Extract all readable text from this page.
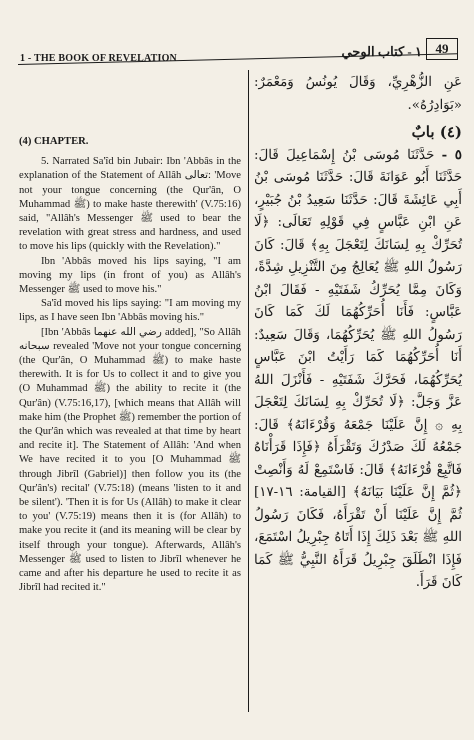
1 - THE BOOK OF REVELATION	١ - كتاب الوحي	49

عَنِ الزُّهْرِيِّ، وَقَالَ يُونُسُ وَمَعْمَرٌ: «بَوَادِرُهُ».

(٤) بابٌ

٥ - حَدَّثَنَا مُوسَى بْنُ إِسْمَاعِيلَ قَالَ: حَدَّثَنَا أَبُو عَوَانَةَ قَالَ: حَدَّثَنَا مُوسَى بْنُ أَبِي عَائِشَةَ قَالَ: حَدَّثَنَا سَعِيدُ بْنُ جُبَيْرٍ، عَنِ ابْنِ عَبَّاسٍ فِي قَوْلِهِ تَعَالَى: ﴿لَا تُحَرِّكْ بِهِ لِسَانَكَ لِتَعْجَلَ بِهِ﴾ قَالَ: كَانَ رَسُولُ اللهِ ﷺ يُعَالِجُ مِنَ التَّنْزِيلِ شِدَّةً، وَكَانَ مِمَّا يُحَرِّكُ شَفَتَيْهِ - فَقَالَ ابْنُ عَبَّاسٍ: فَأَنَا أُحَرِّكُهُمَا لَكَ كَمَا كَانَ رَسُولُ اللهِ ﷺ يُحَرِّكُهُمَا، وَقَالَ سَعِيدٌ: أَنَا أُحَرِّكُهُمَا كَمَا رَأَيْتُ ابْنَ عَبَّاسٍ يُحَرِّكُهُمَا، فَحَرَّكَ شَفَتَيْهِ - فَأَنْزَلَ اللهُ عَزَّ وَجَلَّ: ﴿لَا تُحَرِّكْ بِهِ لِسَانَكَ لِتَعْجَلَ بِهِ ۞ إِنَّ عَلَيْنَا جَمْعَهُ وَقُرْءَانَهُ﴾ قَالَ: جَمْعُهُ لَكَ صَدْرُكَ وَتَقْرَأَهُ ﴿فَإِذَا قَرَأْنَاهُ فَاتَّبِعْ قُرْءَانَهُ﴾ قَالَ: فَاسْتَمِعْ لَهُ وَأَنْصِتْ ﴿ثُمَّ إِنَّ عَلَيْنَا بَيَانَهُ﴾ [القيامة: ١٦-١٧] ثُمَّ إِنَّ عَلَيْنَا أَنْ تَقْرَأَهُ، فَكَانَ رَسُولُ اللهِ ﷺ بَعْدَ ذَلِكَ إِذَا أَتَاهُ جِبْرِيلُ اسْتَمَعَ، فَإِذَا انْطَلَقَ جِبْرِيلُ قَرَأَهُ النَّبِيُّ ﷺ كَمَا كَانَ قَرَأَ.

(4) CHAPTER.

5. Narrated Sa'îd bin Jubair: Ibn 'Abbâs in the explanation of the Statement of Allâh تعالى: 'Move not your tongue concerning (the Qur'ân, O Muhammad ﷺ) to make haste therewith' (V.75:16) said, "Allâh's Messenger ﷺ used to bear the revelation with great stress and hardness, and used to move his lips (quickly with the Revelation)."

Ibn 'Abbâs moved his lips saying, "I am moving my lips (in front of you) as Allâh's Messenger ﷺ used to move his."

Sa'îd moved his lips saying: "I am moving my lips, as I have seen Ibn 'Abbâs moving his."

[Ibn 'Abbâs رضي الله عنهما added], "So Allâh سبحانه revealed 'Move not your tongue concerning (the Qur'ân, O Muhammad ﷺ) to make haste therewith. It is for Us to collect it and to give you (O Muhammad ﷺ) the ability to recite it (the Qur'ân) (V.75:16,17), [which means that Allâh will make him (the Prophet ﷺ) remember the portion of the Qur'ân which was revealed at that time by heart and recite it]. The Statement of Allâh: 'And when We have recited it to you [O Muhammad ﷺ through Jibrîl (Gabriel)] then follow you its (the Qur'ân's) recital' (V.75:18) (means 'listen to it and be silent'). 'Then it is for Us (Allâh) to make it clear to you' (V.75:19) means then it is (for Allâh) to make you recite it (and its meaning will be clear by itself through your tongue). Afterwards, Allâh's Messenger ﷺ used to listen to Jibrîl whenever he came and after his departure he used to recite it as Jibrîl had recited it."
